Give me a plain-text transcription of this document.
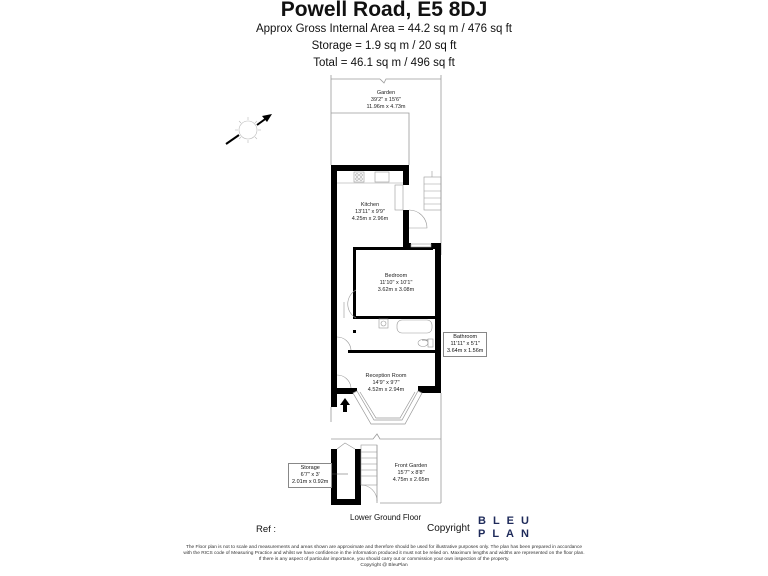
Powell Road, E5 8DJ
Approx Gross Internal Area = 44.2 sq m / 476 sq ft
Storage = 1.9 sq m / 20 sq ft
Total = 46.1 sq m / 496 sq ft
Garden
39'2" x 15'6"
11.96m x 4.73m
Kitchen
13'11" x 9'9"
4.25m x 2.96m
Bedroom
11'10" x 10'1"
3.62m x 3.08m
Bathroom
11'11" x 5'1"
3.64m x 1.56m
Reception Room
14'9" x 9'7"
4.52m x 2.94m
Storage
6'7" x 3'
2.01m x 0.92m
Front Garden
15'7" x 8'8"
4.75m x 2.65m
Lower Ground Floor
Ref :	Copyright
BLEU
PLAN
The Floor plan is not to scale and measurements and areas shown are approximate and therefore should be used for illustrative purposes only. The plan has been prepared in accordance
with the RICS code of Measuring Practice and whilst we have confidence in the information produced it must not be relied on. Maximum lengths and widths are represented on the floor plan.
If there is any aspect of particular importance, you should carry out or commission your own inspection of the property.
Copyright @ BleuPlan
